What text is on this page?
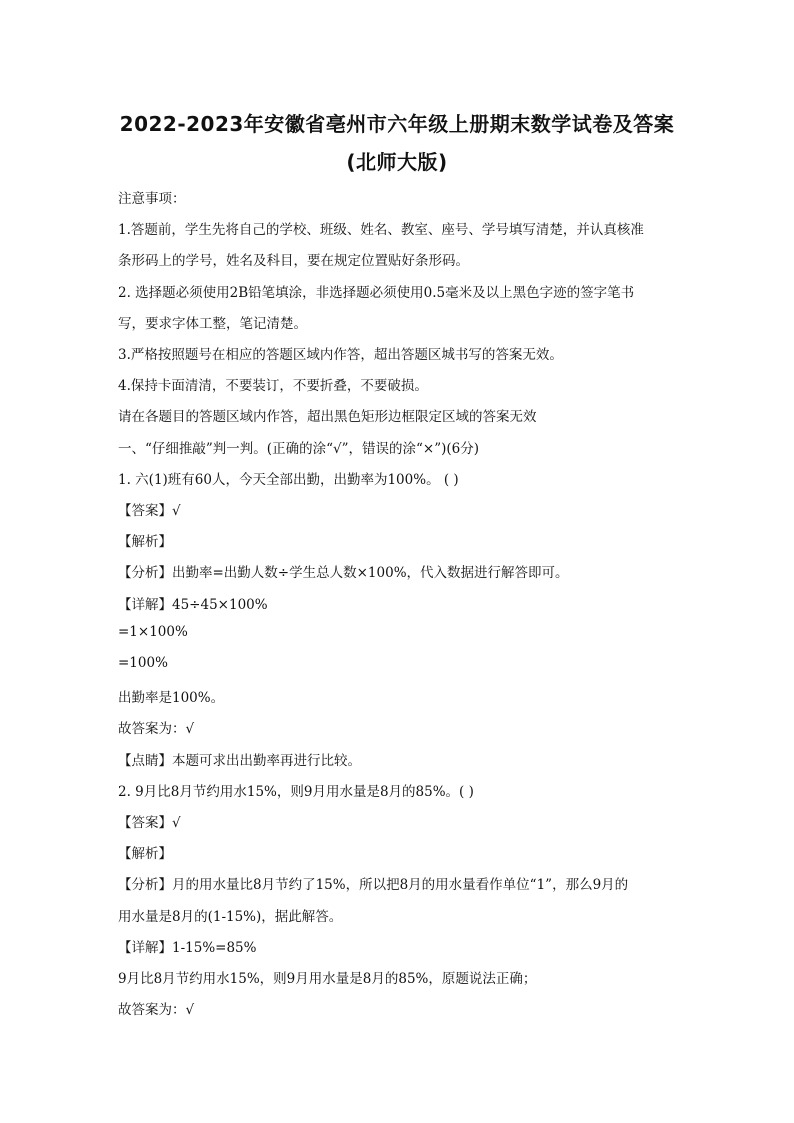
2022-2023年安徽省亳州市六年级上册期末数学试卷及答案
(北师大版)
注意事项：
1.答题前，学生先将自己的学校、班级、姓名、教室、座号、学号填写清楚，并认真核准
条形码上的学号，姓名及科目，要在规定位置贴好条形码。
2. 选择题必须使用2B铅笔填涂，非选择题必须使用0.5毫米及以上黑色字迹的签字笔书
写，要求字体工整，笔记清楚。
3.严格按照题号在相应的答题区域内作答，超出答题区城书写的答案无效。
4.保持卡面清清，不要装订，不要折叠，不要破损。
请在各题目的答题区域内作答，超出黑色矩形边框限定区域的答案无效
一、“仔细推敲”判一判。(正确的涂“√”，错误的涂“×”)(6分)
1. 六(1)班有60人，今天全部出勤，出勤率为100%。 ( )
【答案】√
【解析】
【分析】出勤率=出勤人数÷学生总人数×100%，代入数据进行解答即可。
【详解】45÷45×100%
=1×100%
=100%
出勤率是100%。
故答案为：√
【点睛】本题可求出出勤率再进行比较。
2. 9月比8月节约用水15%，则9月用水量是8月的85%。( )
【答案】√
【解析】
【分析】月的用水量比8月节约了15%，所以把8月的用水量看作单位“1”，那么9月的
用水量是8月的(1-15%)，据此解答。
【详解】1-15%=85%
9月比8月节约用水15%，则9月用水量是8月的85%，原题说法正确；
故答案为：√
